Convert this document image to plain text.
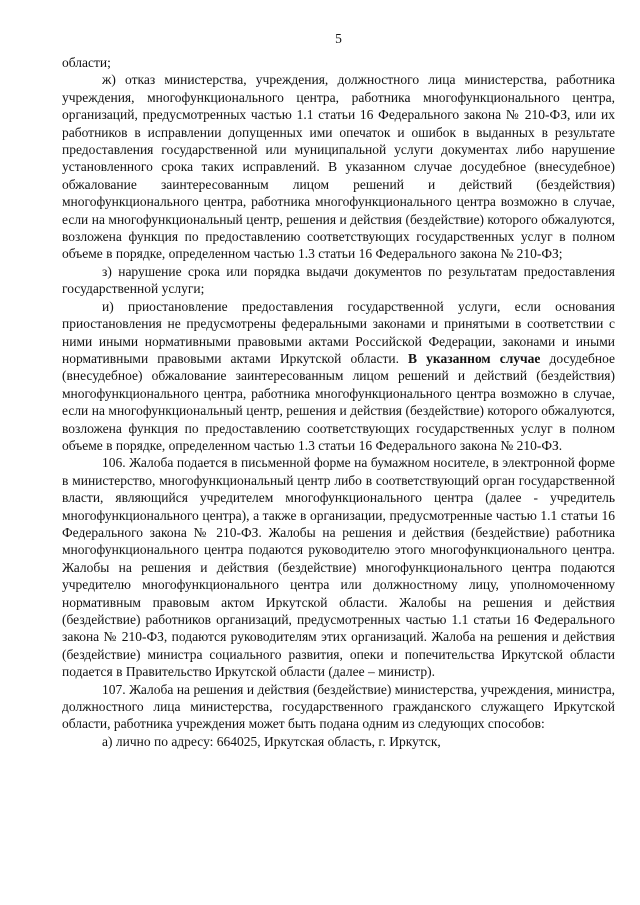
5

области;

ж) отказ министерства, учреждения, должностного лица министерства, работника учреждения, многофункционального центра, работника многофункционального центра, организаций, предусмотренных частью 1.1 статьи 16 Федерального закона № 210-ФЗ, или их работников в исправлении допущенных ими опечаток и ошибок в выданных в результате предоставления государственной или муниципальной услуги документах либо нарушение установленного срока таких исправлений. В указанном случае досудебное (внесудебное) обжалование заинтересованным лицом решений и действий (бездействия) многофункционального центра, работника многофункционального центра возможно в случае, если на многофункциональный центр, решения и действия (бездействие) которого обжалуются, возложена функция по предоставлению соответствующих государственных услуг в полном объеме в порядке, определенном частью 1.3 статьи 16 Федерального закона № 210-ФЗ;

з) нарушение срока или порядка выдачи документов по результатам предоставления государственной услуги;

и) приостановление предоставления государственной услуги, если основания приостановления не предусмотрены федеральными законами и принятыми в соответствии с ними иными нормативными правовыми актами Российской Федерации, законами и иными нормативными правовыми актами Иркутской области. В указанном случае досудебное (внесудебное) обжалование заинтересованным лицом решений и действий (бездействия) многофункционального центра, работника многофункционального центра возможно в случае, если на многофункциональный центр, решения и действия (бездействие) которого обжалуются, возложена функция по предоставлению соответствующих государственных услуг в полном объеме в порядке, определенном частью 1.3 статьи 16 Федерального закона № 210-ФЗ.

106. Жалоба подается в письменной форме на бумажном носителе, в электронной форме в министерство, многофункциональный центр либо в соответствующий орган государственной власти, являющийся учредителем многофункционального центра (далее - учредитель многофункционального центра), а также в организации, предусмотренные частью 1.1 статьи 16 Федерального закона № 210-ФЗ. Жалобы на решения и действия (бездействие) работника многофункционального центра подаются руководителю этого многофункционального центра. Жалобы на решения и действия (бездействие) многофункционального центра подаются учредителю многофункционального центра или должностному лицу, уполномоченному нормативным правовым актом Иркутской области. Жалобы на решения и действия (бездействие) работников организаций, предусмотренных частью 1.1 статьи 16 Федерального закона № 210-ФЗ, подаются руководителям этих организаций. Жалоба на решения и действия (бездействие) министра социального развития, опеки и попечительства Иркутской области подается в Правительство Иркутской области (далее – министр).

107. Жалоба на решения и действия (бездействие) министерства, учреждения, министра, должностного лица министерства, государственного гражданского служащего Иркутской области, работника учреждения может быть подана одним из следующих способов:

а) лично по адресу: 664025, Иркутская область, г. Иркутск,
